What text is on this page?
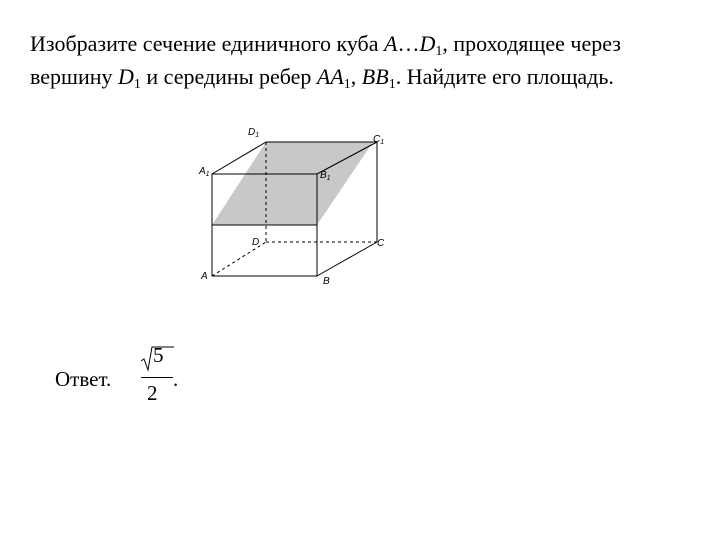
Изобразите сечение единичного куба $A\dots D_1$, проходящее через вершину $D_1$ и середины ребер $AA_1$, $BB_1$. Найдите его площадь.
$D_1$	$C_1$
$A_1$	$B_1$
D	C
A	B
Ответ.
5
2
.
